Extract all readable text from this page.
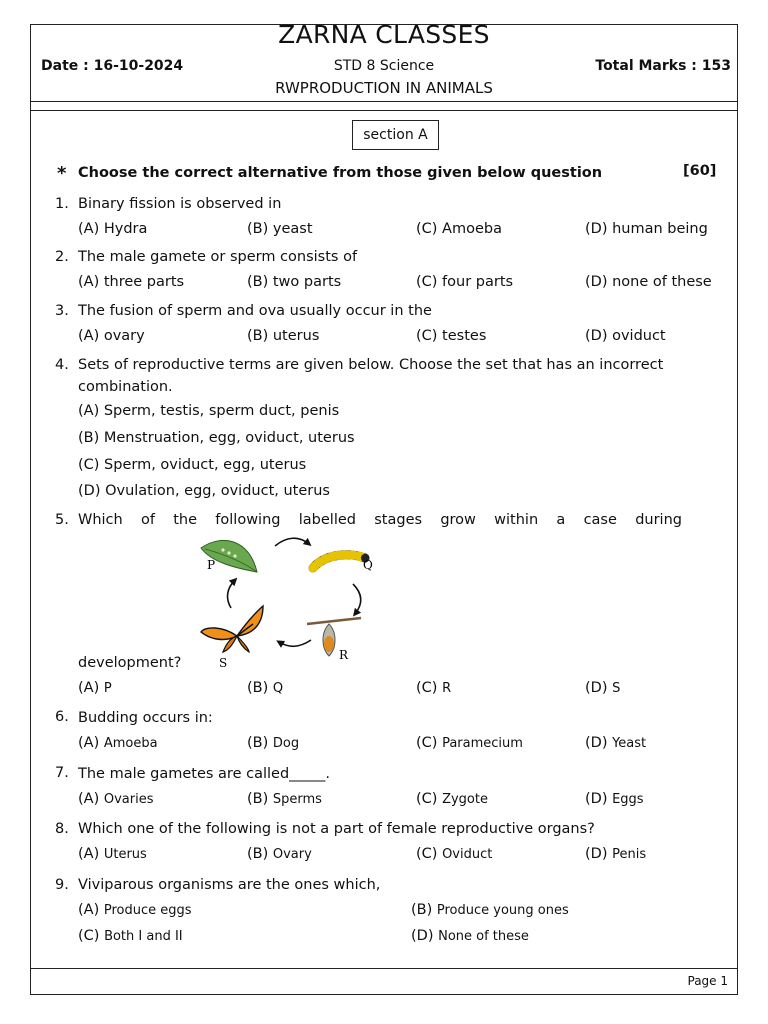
ZARNA CLASSES
Date : 16-10-2024	STD 8 Science	Total Marks : 153
RWPRODUCTION IN ANIMALS
section A
* Choose the correct alternative from those given below question	[60]
1. Binary fission is observed in
(A) Hydra	(B) yeast	(C) Amoeba	(D) human being
2. The male gamete or sperm consists of
(A) three parts	(B) two parts	(C) four parts	(D) none of these
3. The fusion of sperm and ova usually occur in the
(A) ovary	(B) uterus	(C) testes	(D) oviduct
4. Sets of reproductive terms are given below. Choose the set that has an incorrect
combination.
(A) Sperm, testis, sperm duct, penis
(B) Menstruation, egg, oviduct, uterus
(C) Sperm, oviduct, egg, uterus
(D) Ovulation, egg, oviduct, uterus
5. Which of the following labelled stages grow within a case during
P	Q
R
S
development?
(A) P	(B) Q	(C) R	(D) S
6. Budding occurs in:
(A) Amoeba	(B) Dog	(C) Paramecium	(D) Yeast
7. The male gametes are called_____.
(A) Ovaries	(B) Sperms	(C) Zygote	(D) Eggs
8. Which one of the following is not a part of female reproductive organs?
(A) Uterus	(B) Ovary	(C) Oviduct	(D) Penis
9. Viviparous organisms are the ones which,
(A) Produce eggs	(B) Produce young ones
(C) Both I and II	(D) None of these
Page 1
